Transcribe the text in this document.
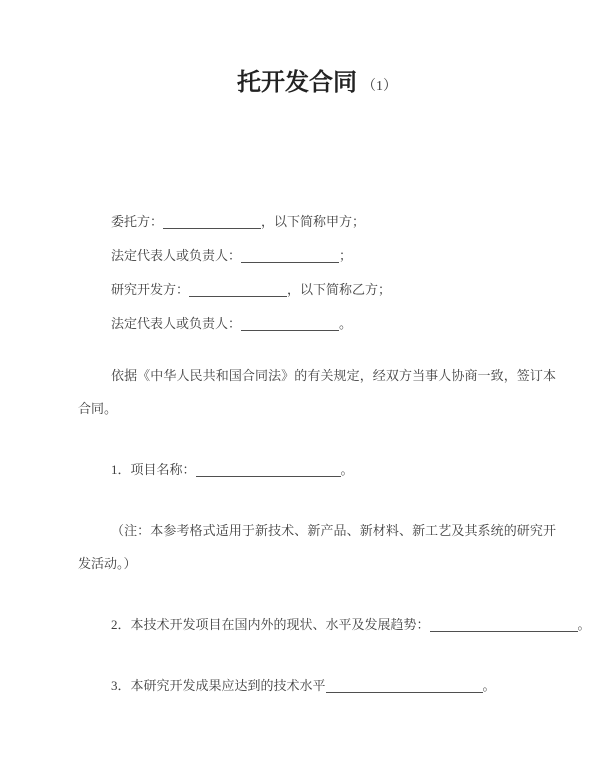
托开发合同 （1）

委托方：	，以下简称甲方；

法定代表人或负责人：	；

研究开发方：	，以下简称乙方；

法定代表人或负责人：	。

依据《中华人民共和国合同法》的有关规定，经双方当事人协商一致，签订本合同。

1．项目名称：	。

（注：本参考格式适用于新技术、新产品、新材料、新工艺及其系统的研究开发活动。）

2．本技术开发项目在国内外的现状、水平及发展趋势：	。

3．本研究开发成果应达到的技术水平	。
